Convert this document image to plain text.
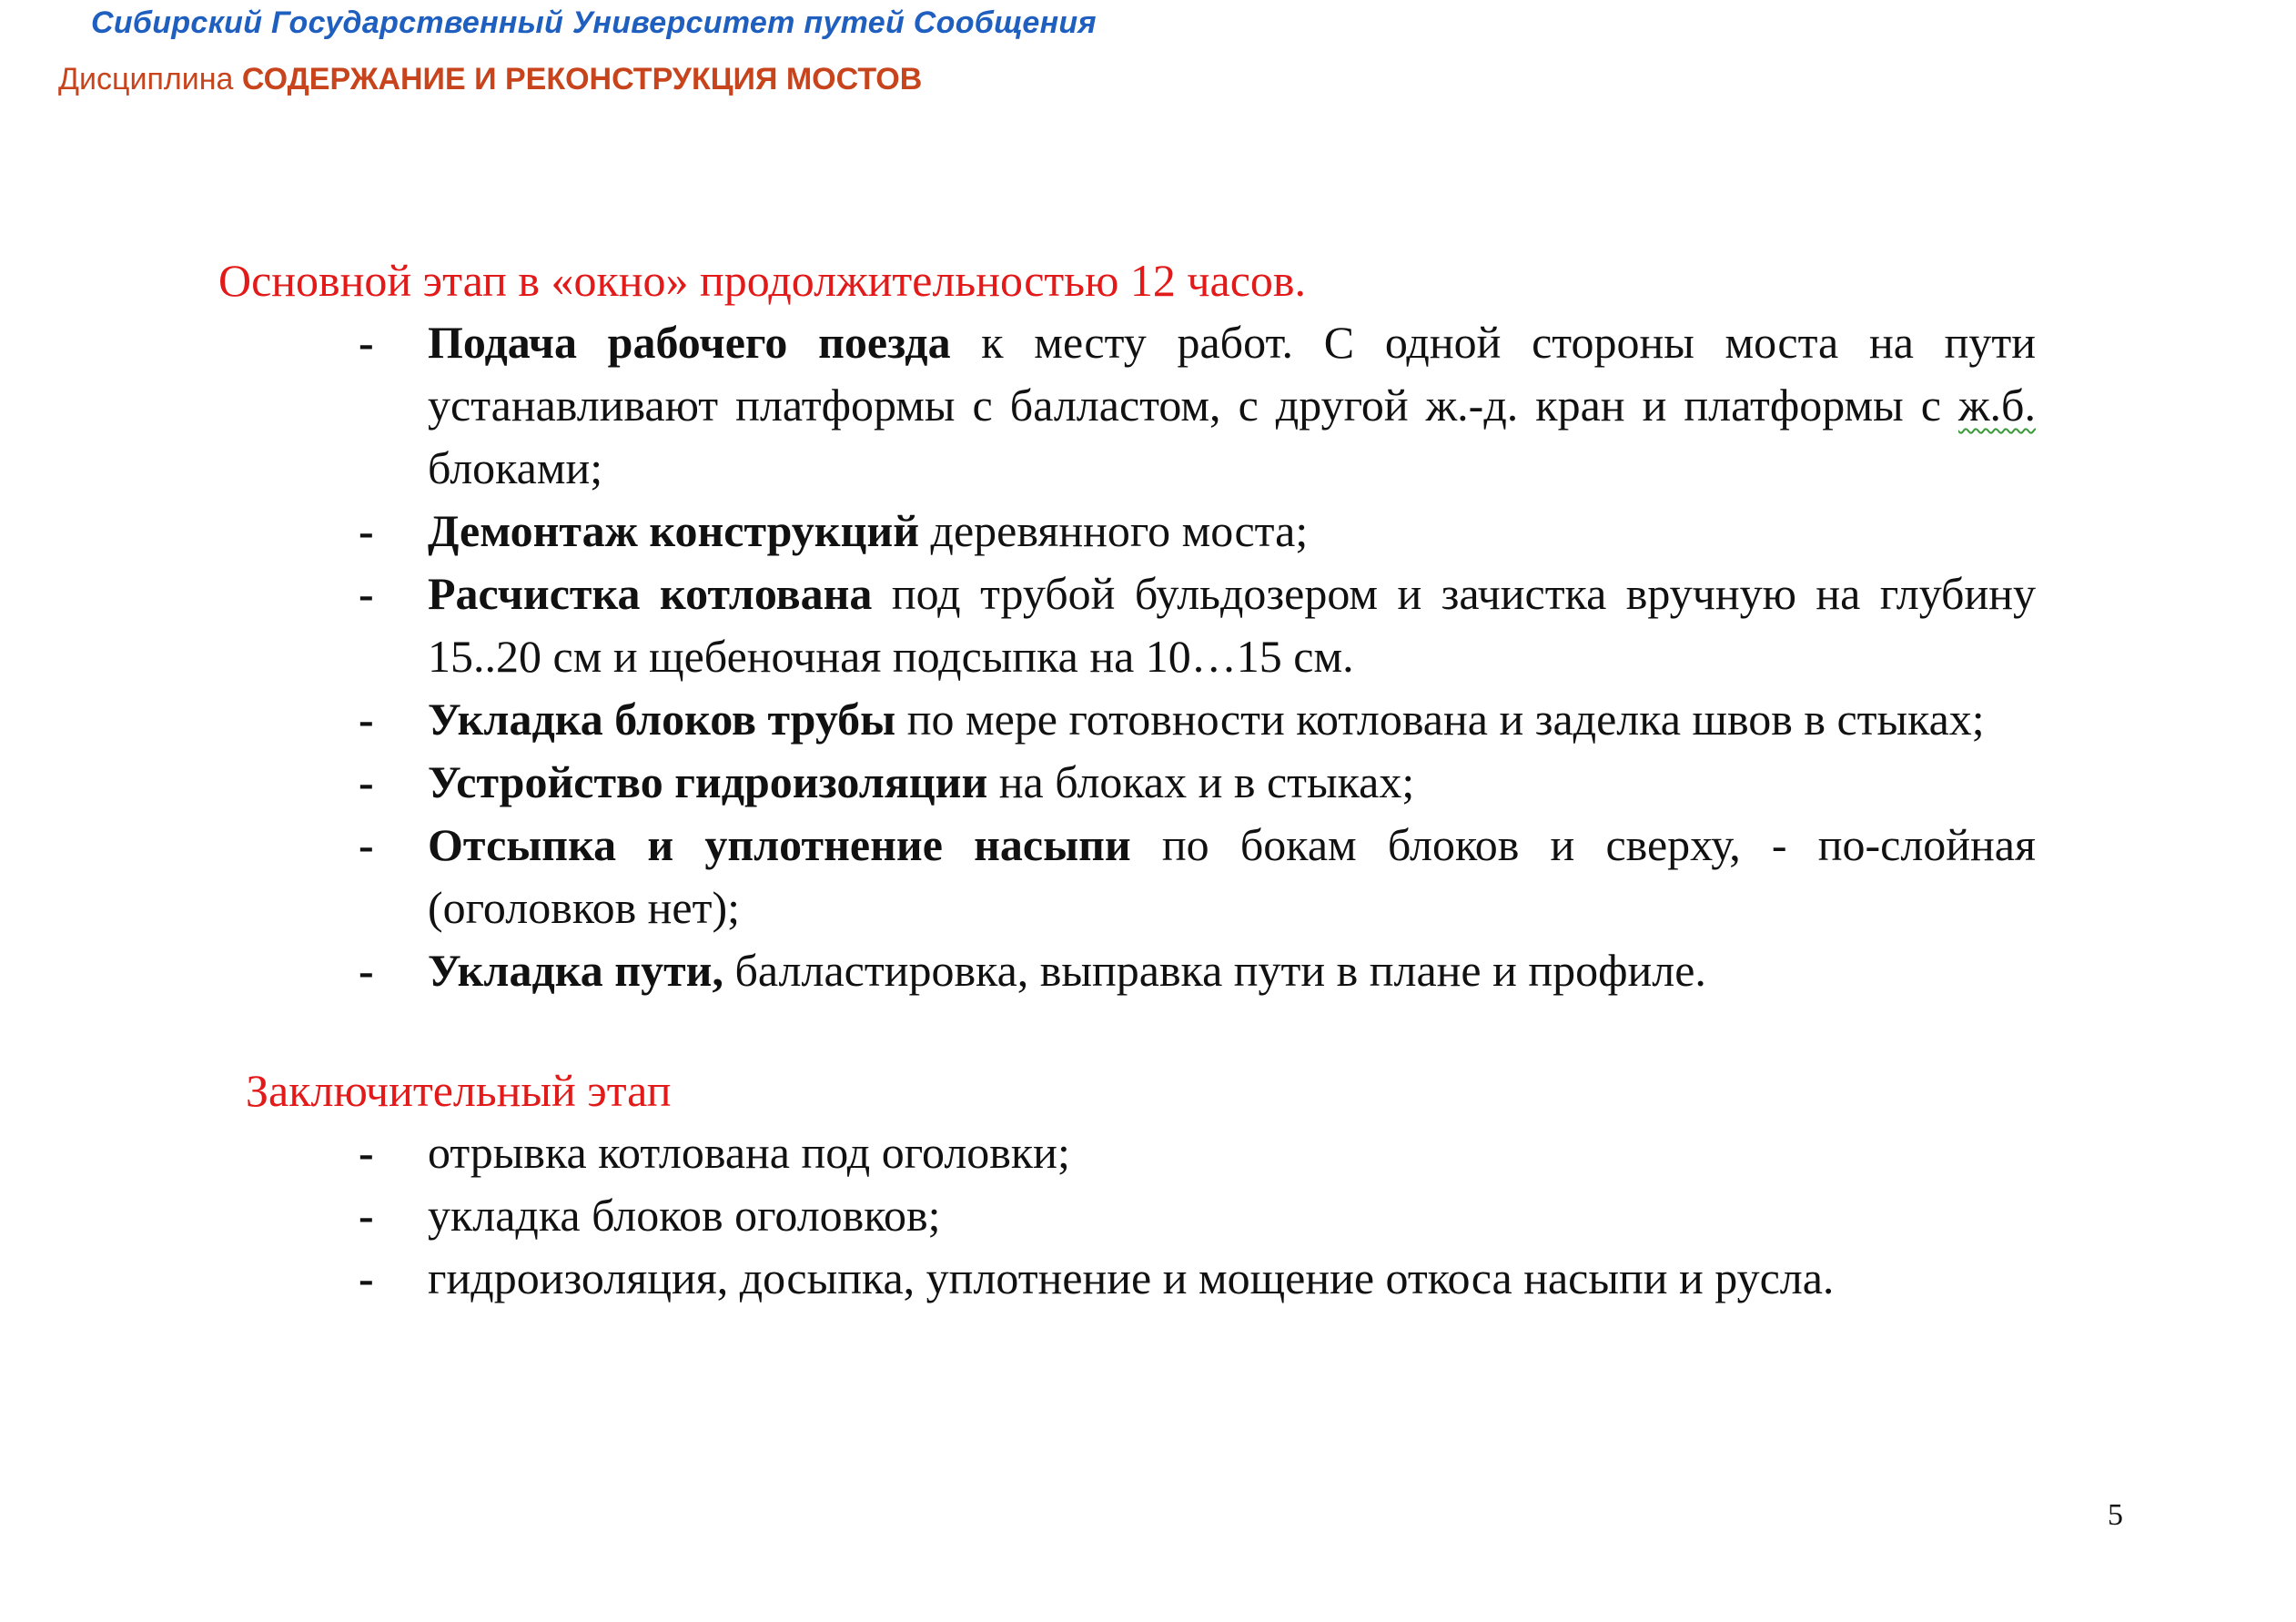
Сибирский Государственный Университет путей Сообщения
Дисциплина СОДЕРЖАНИЕ И РЕКОНСТРУКЦИЯ МОСТОВ
Основной этап в «окно» продолжительностью 12 часов.
- Подача рабочего поезда к месту работ. С одной стороны моста на пути устанавливают платформы с балластом, с другой ж.-д. кран и платформы с ж.б. блоками;
- Демонтаж конструкций деревянного моста;
- Расчистка котлована под трубой бульдозером и зачистка вручную на глубину 15..20 см и щебеночная подсыпка на 10…15 см.
- Укладка блоков трубы по мере готовности котлована и заделка швов в стыках;
- Устройство гидроизоляции на блоках и в стыках;
- Отсыпка и уплотнение насыпи по бокам блоков и сверху, - по-слойная (оголовков нет);
- Укладка пути, балластировка, выправка пути в плане и профиле.
Заключительный этап
- отрывка котлована под оголовки;
- укладка блоков оголовков;
- гидроизоляция, досыпка, уплотнение и мощение откоса насыпи и русла.
5
